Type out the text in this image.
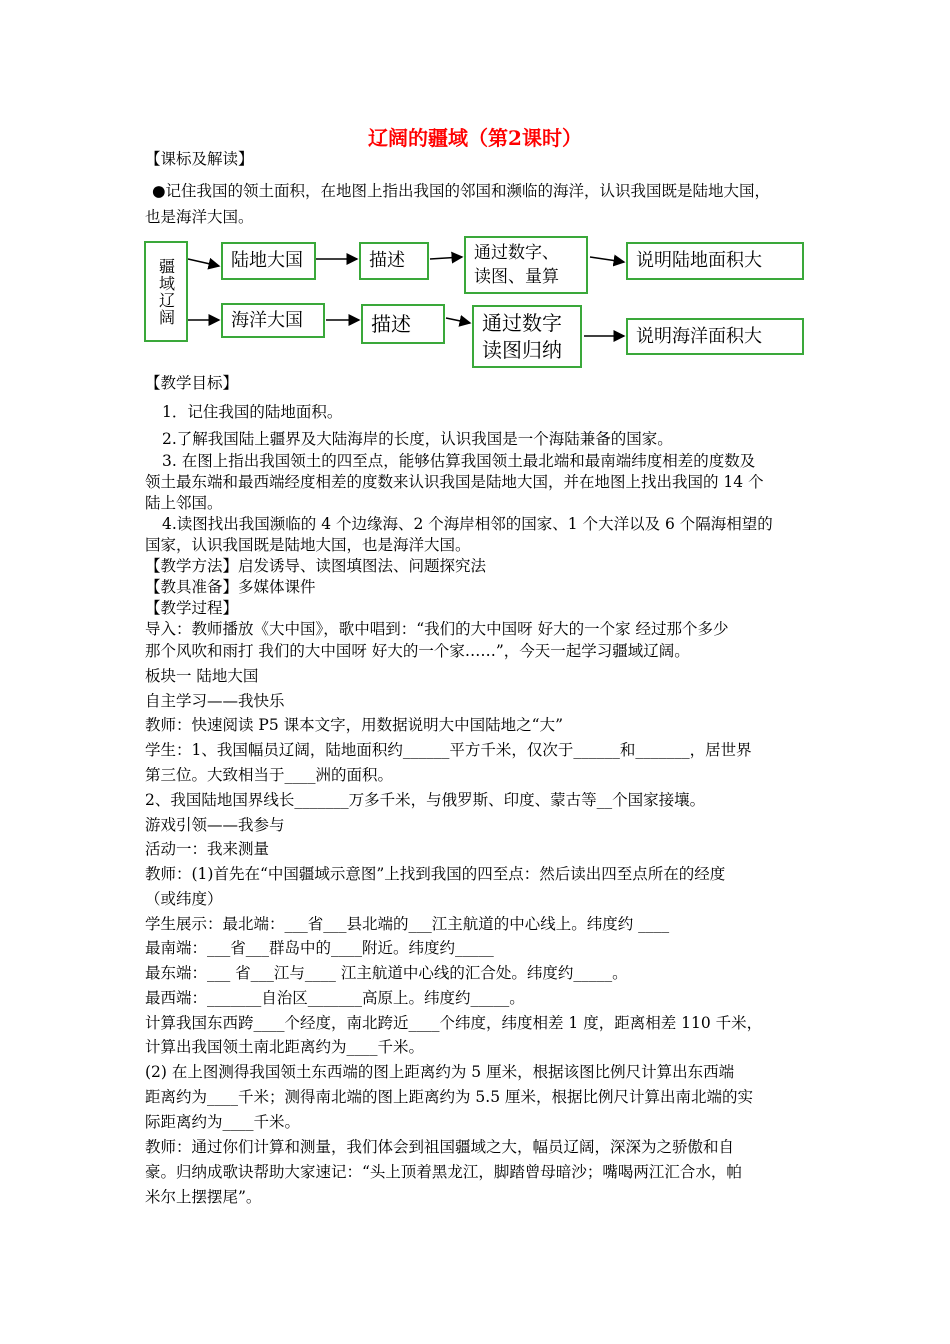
辽阔的疆域（第2课时）
【课标及解读】
●记住我国的领土面积，在地图上指出我国的邻国和濒临的海洋，认识我国既是陆地大国，
也是海洋大国。
疆域辽阔	陆地大国	描述	通过数字、
读图、量算
说明陆地面积大
海洋大国	描述	通过数字
读图归纳
说明海洋面积大
【教学目标】
1．记住我国的陆地面积。
2.了解我国陆上疆界及大陆海岸的长度，认识我国是一个海陆兼备的国家。
3. 在图上指出我国领土的四至点，能够估算我国领土最北端和最南端纬度相差的度数及
领土最东端和最西端经度相差的度数来认识我国是陆地大国，并在地图上找出我国的 14 个
陆上邻国。
4.读图找出我国濒临的 4 个边缘海、2 个海岸相邻的国家、1 个大洋以及 6 个隔海相望的
国家，认识我国既是陆地大国，也是海洋大国。
【教学方法】启发诱导、读图填图法、问题探究法
【教具准备】多媒体课件
【教学过程】
导入：教师播放《大中国》，歌中唱到：“我们的大中国呀 好大的一个家 经过那个多少
那个风吹和雨打 我们的大中国呀 好大的一个家……”，今天一起学习疆域辽阔。
板块一 陆地大国
自主学习——我快乐
教师：快速阅读 P5 课本文字，用数据说明大中国陆地之“大”
学生：1、我国幅员辽阔，陆地面积约______平方千米，仅次于______和_______，居世界
第三位。大致相当于____洲的面积。
2、我国陆地国界线长_______万多千米，与俄罗斯、印度、蒙古等__个国家接壤。
游戏引领——我参与
活动一：我来测量
教师：(1)首先在“中国疆域示意图”上找到我国的四至点：然后读出四至点所在的经度
（或纬度）
学生展示：最北端：___省___县北端的___江主航道的中心线上。纬度约 ____
最南端：___省___群岛中的____附近。纬度约_____
最东端：___ 省___江与____ 江主航道中心线的汇合处。纬度约_____。
最西端：_______自治区_______高原上。纬度约_____。
计算我国东西跨____个经度，南北跨近____个纬度，纬度相差 1 度，距离相差 110 千米，
计算出我国领土南北距离约为____千米。
(2) 在上图测得我国领土东西端的图上距离约为 5 厘米，根据该图比例尺计算出东西端
距离约为____千米；测得南北端的图上距离约为 5.5 厘米，根据比例尺计算出南北端的实
际距离约为____千米。
教师：通过你们计算和测量，我们体会到祖国疆域之大，幅员辽阔，深深为之骄傲和自
豪。归纳成歌诀帮助大家速记：“头上顶着黑龙江，脚踏曾母暗沙；嘴喝两江汇合水，帕
米尔上摆摆尾”。
